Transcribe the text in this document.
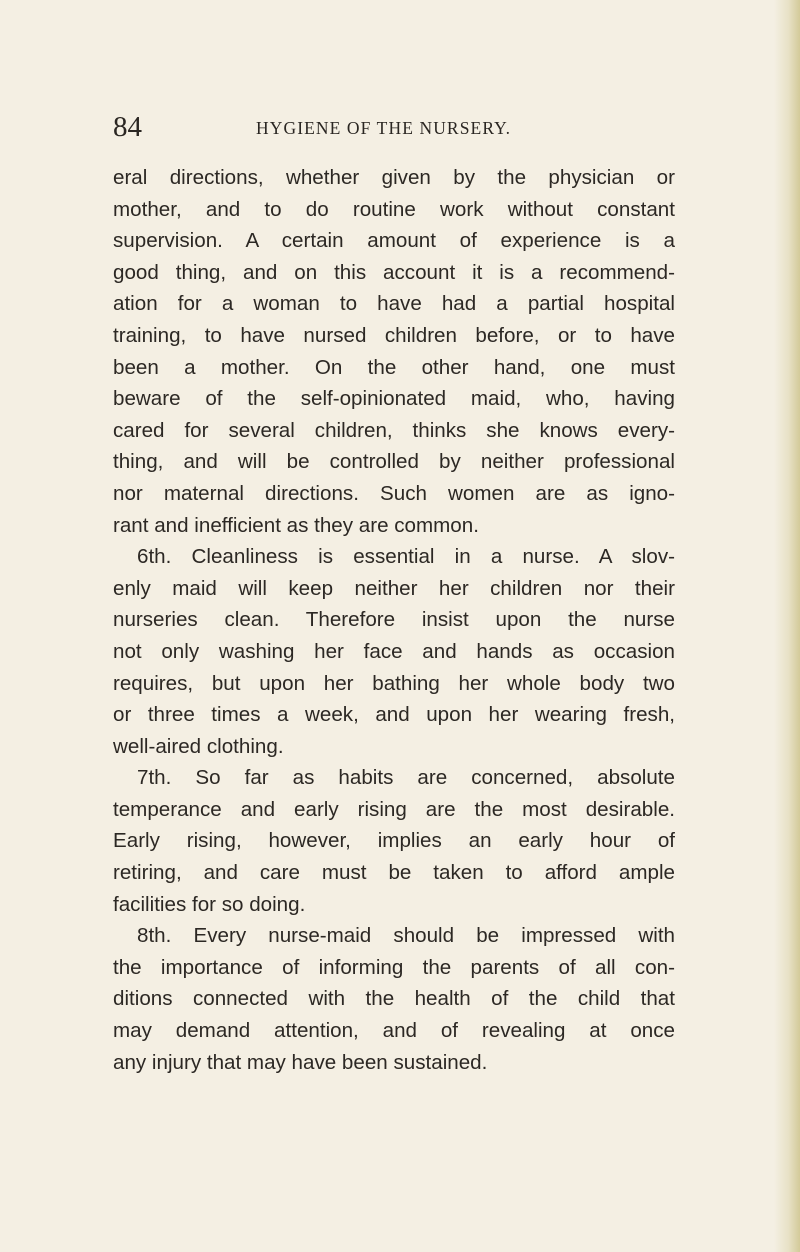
84	HYGIENE OF THE NURSERY.
eral directions, whether given by the physician or
mother, and to do routine work without constant
supervision. A certain amount of experience is a
good thing, and on this account it is a recommend-
ation for a woman to have had a partial hospital
training, to have nursed children before, or to have
been a mother. On the other hand, one must
beware of the self-opinionated maid, who, having
cared for several children, thinks she knows every-
thing, and will be controlled by neither professional
nor maternal directions. Such women are as igno-
rant and inefficient as they are common.
6th. Cleanliness is essential in a nurse. A slov-
enly maid will keep neither her children nor their
nurseries clean. Therefore insist upon the nurse
not only washing her face and hands as occasion
requires, but upon her bathing her whole body two
or three times a week, and upon her wearing fresh,
well-aired clothing.
7th. So far as habits are concerned, absolute
temperance and early rising are the most desirable.
Early rising, however, implies an early hour of
retiring, and care must be taken to afford ample
facilities for so doing.
8th. Every nurse-maid should be impressed with
the importance of informing the parents of all con-
ditions connected with the health of the child that
may demand attention, and of revealing at once
any injury that may have been sustained.
